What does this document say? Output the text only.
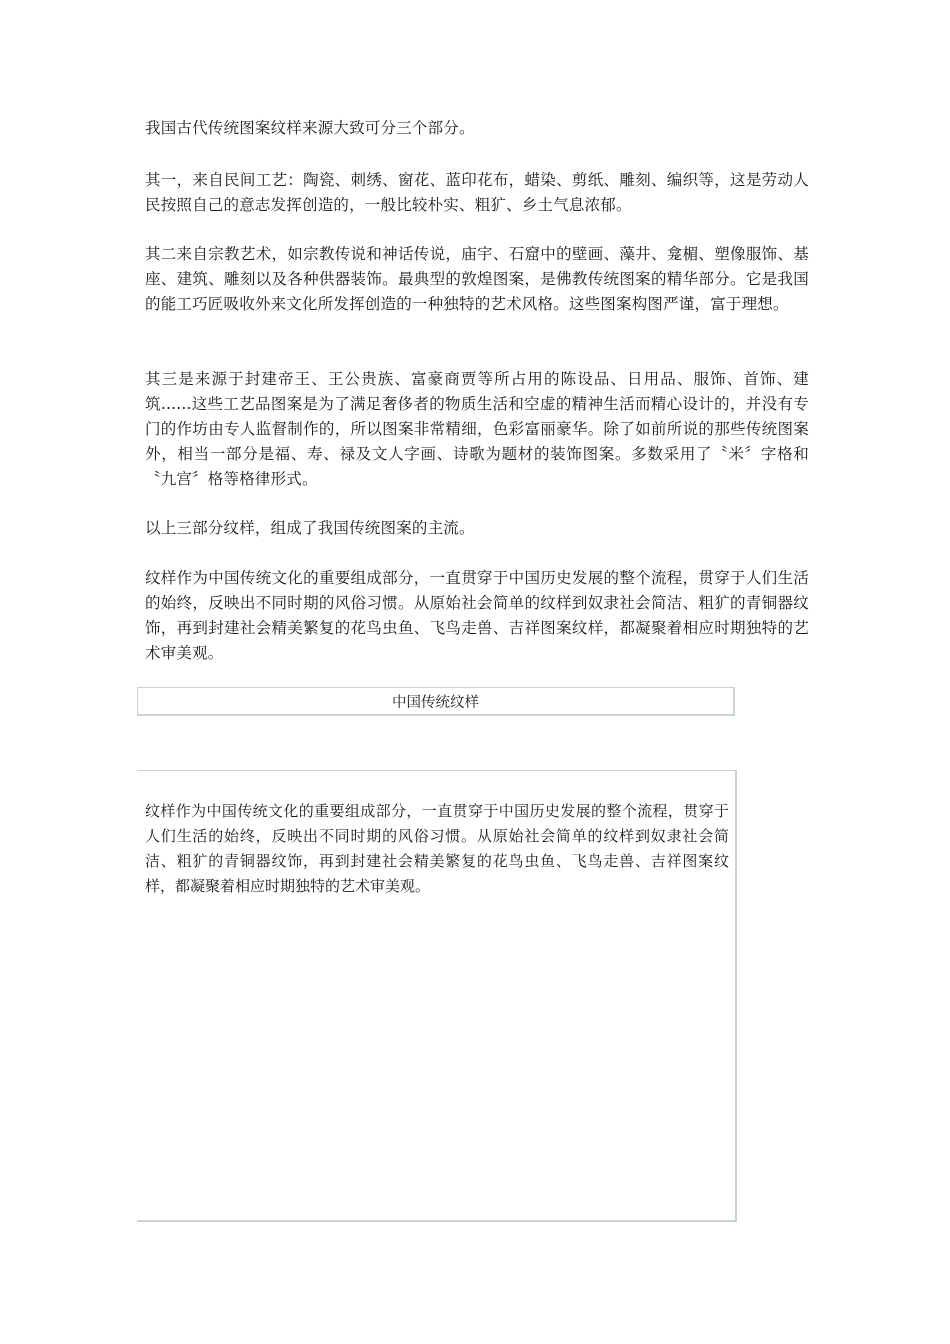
我国古代传统图案纹样来源大致可分三个部分。

其一，来自民间工艺：陶瓷、刺绣、窗花、蓝印花布，蜡染、剪纸、雕刻、编织等，这是劳动人民按照自己的意志发挥创造的，一般比较朴实、粗犷、乡土气息浓郁。

其二来自宗教艺术，如宗教传说和神话传说，庙宇、石窟中的壁画、藻井、龛楣、塑像服饰、基座、建筑、雕刻以及各种供器装饰。最典型的敦煌图案，是佛教传统图案的精华部分。它是我国的能工巧匠吸收外来文化所发挥创造的一种独特的艺术风格。这些图案构图严谨，富于理想。

其三是来源于封建帝王、王公贵族、富豪商贾等所占用的陈设品、日用品、服饰、首饰、建筑......这些工艺品图案是为了满足奢侈者的物质生活和空虚的精神生活而精心设计的，并没有专门的作坊由专人监督制作的，所以图案非常精细，色彩富丽豪华。除了如前所说的那些传统图案外，相当一部分是福、寿、禄及文人字画、诗歌为题材的装饰图案。多数采用了〝米〞字格和〝九宫〞格等格律形式。

以上三部分纹样，组成了我国传统图案的主流。

纹样作为中国传统文化的重要组成部分，一直贯穿于中国历史发展的整个流程，贯穿于人们生活的始终，反映出不同时期的风俗习惯。从原始社会简单的纹样到奴隶社会简洁、粗犷的青铜器纹饰，再到封建社会精美繁复的花鸟虫鱼、飞鸟走兽、吉祥图案纹样，都凝聚着相应时期独特的艺术审美观。

中国传统纹样

纹样作为中国传统文化的重要组成部分，一直贯穿于中国历史发展的整个流程，贯穿于人们生活的始终，反映出不同时期的风俗习惯。从原始社会简单的纹样到奴隶社会简洁、粗犷的青铜器纹饰，再到封建社会精美繁复的花鸟虫鱼、飞鸟走兽、吉祥图案纹样，都凝聚着相应时期独特的艺术审美观。
